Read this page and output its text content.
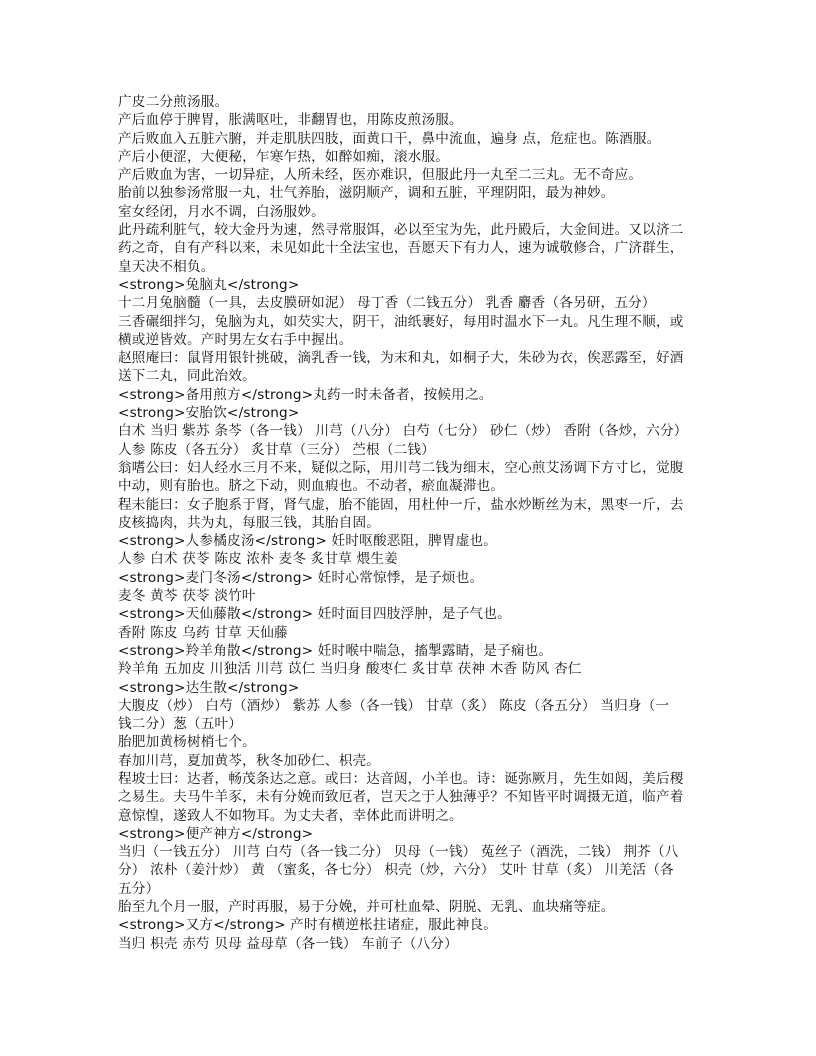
广皮二分煎汤服。
产后血停于脾胃，胀满呕吐，非翻胃也，用陈皮煎汤服。
产后败血入五脏六腑，并走肌肤四肢，面黄口干，鼻中流血，遍身 点，危症也。陈酒服。
产后小便涩，大便秘，乍寒乍热，如醉如痴，滚水服。
产后败血为害，一切异症，人所未经，医亦难识，但服此丹一丸至二三丸。无不奇应。
胎前以独参汤常服一丸，壮气养胎，滋阴顺产，调和五脏，平理阴阳，最为神妙。
室女经闭，月水不调，白汤服妙。
此丹疏利脏气，较大金丹为速，然寻常服饵，必以至宝为先，此丹殿后，大金间进。又以济二
药之奇，自有产科以来，未见如此十全法宝也，吾愿天下有力人，速为诚敬修合，广济群生，
皇天决不相负。
<strong>兔脑丸</strong>
十二月兔脑髓（一具，去皮膜研如泥） 母丁香（二钱五分） 乳香 麝香（各另研，五分）
三香碾细拌匀，兔脑为丸，如芡实大，阴干，油纸裹好，每用时温水下一丸。凡生理不顺，或
横或逆皆效。产时男左女右手中握出。
赵照庵曰：鼠肾用银针挑破，滴乳香一钱，为末和丸，如桐子大，朱砂为衣，俟恶露至，好酒
送下二丸，同此治效。
<strong>备用煎方</strong>丸药一时未备者，按候用之。
<strong>安胎饮</strong>
白术 当归 紫苏 条芩（各一钱） 川芎（八分） 白芍（七分） 砂仁（炒） 香附（各炒，六分）
人参 陈皮（各五分） 炙甘草（三分） 苎根（二钱）
翁嗜公曰：妇人经水三月不来，疑似之际，用川芎二钱为细末，空心煎艾汤调下方寸匕，觉腹
中动，则有胎也。脐之下动，则血瘕也。不动者，瘀血凝滞也。
程未能曰：女子胞系于肾，肾气虚，胎不能固，用杜仲一斤，盐水炒断丝为末，黑枣一斤，去
皮核捣肉，共为丸，每服三钱，其胎自固。
<strong>人参橘皮汤</strong> 妊时呕酸恶阻，脾胃虚也。
人参 白术 茯苓 陈皮 浓朴 麦冬 炙甘草 煨生姜
<strong>麦门冬汤</strong> 妊时心常惊悸，是子烦也。
麦冬 黄芩 茯苓 淡竹叶
<strong>天仙藤散</strong> 妊时面目四肢浮肿，是子气也。
香附 陈皮 乌药 甘草 天仙藤
<strong>羚羊角散</strong> 妊时喉中喘急，搐掣露睛，是子痫也。
羚羊角 五加皮 川独活 川芎 苡仁 当归身 酸枣仁 炙甘草 茯神 木香 防风 杏仁
<strong>达生散</strong>
大腹皮（炒） 白芍（酒炒） 紫苏 人参（各一钱） 甘草（炙） 陈皮（各五分） 当归身（一
钱二分）葱（五叶）
胎肥加黄杨树梢七个。
春加川芎，夏加黄芩，秋冬加砂仁、枳壳。
程坡士曰：达者，畅茂条达之意。或曰：达音闼，小羊也。诗：诞弥厥月，先生如闼，美后稷
之易生。夫马牛羊豕，未有分娩而致厄者，岂天之于人独薄乎？不知皆平时调摄无道，临产着
意惊惶，遂致人不如物耳。为丈夫者，幸体此而讲明之。
<strong>便产神方</strong>
当归（一钱五分） 川芎 白芍（各一钱二分） 贝母（一钱） 菟丝子（酒洗，二钱） 荆芥（八
分） 浓朴（姜汁炒） 黄 （蜜炙，各七分） 枳壳（炒，六分） 艾叶 甘草（炙） 川羌活（各
五分）
胎至九个月一服，产时再服，易于分娩，并可杜血晕、阴脱、无乳、血块痛等症。
<strong>又方</strong> 产时有横逆枨拄诸症，服此神良。
当归 枳壳 赤芍 贝母 益母草（各一钱） 车前子（八分）
